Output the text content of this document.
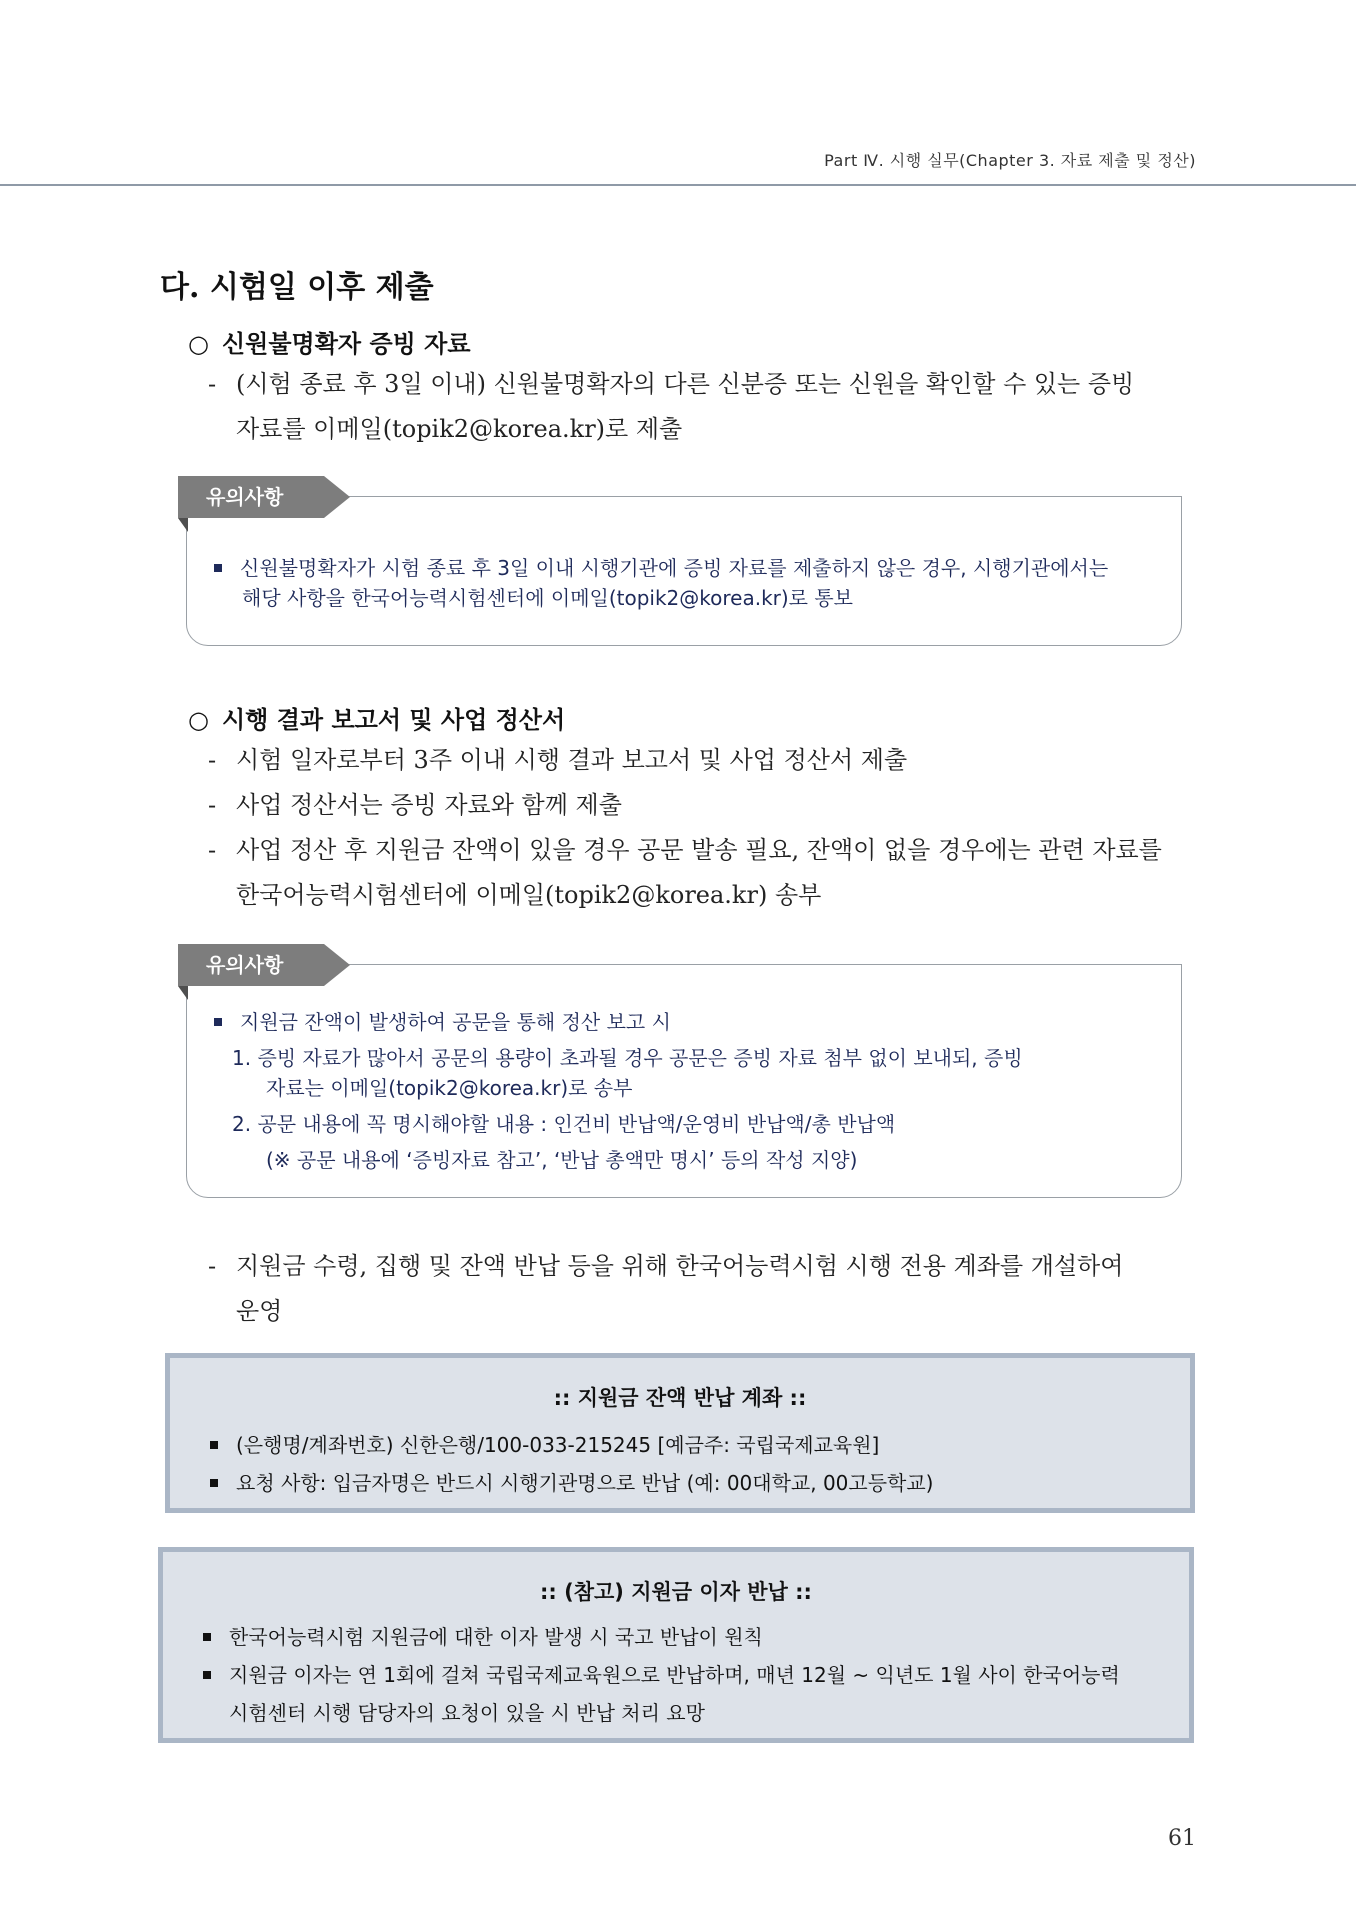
Part Ⅳ. 시행 실무(Chapter 3. 자료 제출 및 정산)
다. 시험일 이후 제출
○ 신원불명확자 증빙 자료
- (시험 종료 후 3일 이내) 신원불명확자의 다른 신분증 또는 신원을 확인할 수 있는 증빙
자료를 이메일(topik2@korea.kr)로 제출
유의사항
신원불명확자가 시험 종료 후 3일 이내 시행기관에 증빙 자료를 제출하지 않은 경우, 시행기관에서는
해당 사항을 한국어능력시험센터에 이메일(topik2@korea.kr)로 통보
○ 시행 결과 보고서 및 사업 정산서
- 시험 일자로부터 3주 이내 시행 결과 보고서 및 사업 정산서 제출
- 사업 정산서는 증빙 자료와 함께 제출
- 사업 정산 후 지원금 잔액이 있을 경우 공문 발송 필요, 잔액이 없을 경우에는 관련 자료를
한국어능력시험센터에 이메일(topik2@korea.kr) 송부
유의사항
지원금 잔액이 발생하여 공문을 통해 정산 보고 시
1. 증빙 자료가 많아서 공문의 용량이 초과될 경우 공문은 증빙 자료 첨부 없이 보내되, 증빙
자료는 이메일(topik2@korea.kr)로 송부
2. 공문 내용에 꼭 명시해야할 내용 : 인건비 반납액/운영비 반납액/총 반납액
(※ 공문 내용에 ‘증빙자료 참고’, ‘반납 총액만 명시’ 등의 작성 지양)
- 지원금 수령, 집행 및 잔액 반납 등을 위해 한국어능력시험 시행 전용 계좌를 개설하여
운영
:: 지원금 잔액 반납 계좌 ::
(은행명/계좌번호) 신한은행/100-033-215245 [예금주: 국립국제교육원]
요청 사항: 입금자명은 반드시 시행기관명으로 반납 (예: 00대학교, 00고등학교)
:: (참고) 지원금 이자 반납 ::
한국어능력시험 지원금에 대한 이자 발생 시 국고 반납이 원칙
지원금 이자는 연 1회에 걸쳐 국립국제교육원으로 반납하며, 매년 12월 ~ 익년도 1월 사이 한국어능력
시험센터 시행 담당자의 요청이 있을 시 반납 처리 요망
61
